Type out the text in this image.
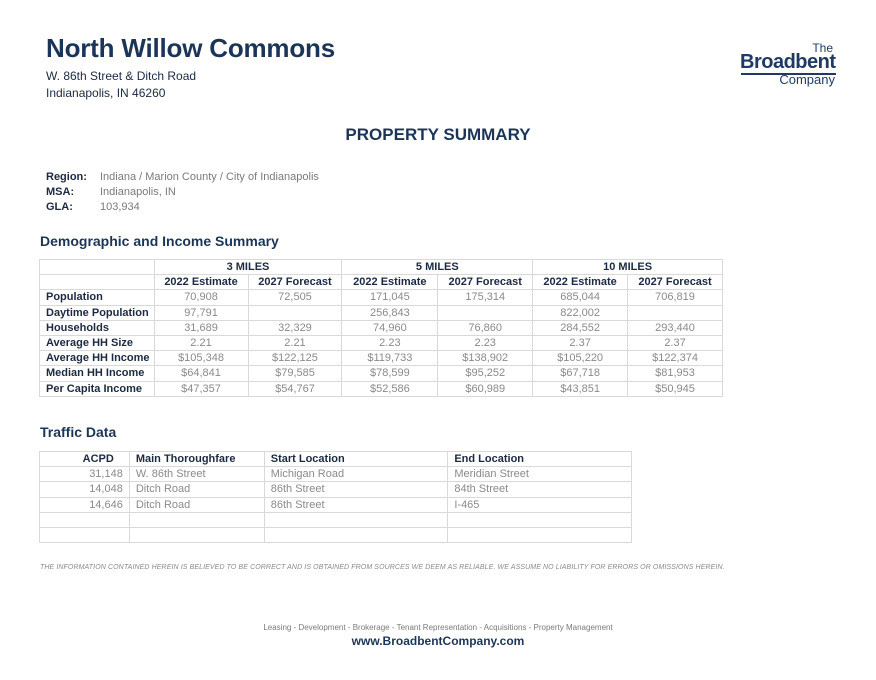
North Willow Commons
W. 86th Street & Ditch Road
Indianapolis, IN 46260
The
Broadbent
Company
PROPERTY SUMMARY
Region:	Indiana / Marion County / City of Indianapolis
MSA:	Indianapolis, IN
GLA:	103,934
Demographic and Income Summary
	3 MILES		5 MILES		10 MILES	
	2022 Estimate	2027 Forecast	2022 Estimate	2027 Forecast	2022 Estimate	2027 Forecast
Population	70,908	72,505	171,045	175,314	685,044	706,819
Daytime Population	97,791		256,843		822,002	
Households	31,689	32,329	74,960	76,860	284,552	293,440
Average HH Size	2.21	2.21	2.23	2.23	2.37	2.37
Average HH Income	$105,348	$122,125	$119,733	$138,902	$105,220	$122,374
Median HH Income	$64,841	$79,585	$78,599	$95,252	$67,718	$81,953
Per Capita Income	$47,357	$54,767	$52,586	$60,989	$43,851	$50,945
Traffic Data
ACPD	Main Thoroughfare	Start Location	End Location
31,148	W. 86th Street	Michigan Road	Meridian Street
14,048	Ditch Road	86th Street	84th Street
14,646	Ditch Road	86th Street	I-465

THE INFORMATION CONTAINED HEREIN IS BELIEVED TO BE CORRECT AND IS OBTAINED FROM SOURCES WE DEEM AS RELIABLE. WE ASSUME NO LIABILITY FOR ERRORS OR OMISSIONS HEREIN.
Leasing - Development - Brokerage - Tenant Representation - Acquisitions - Property Management
www.BroadbentCompany.com
